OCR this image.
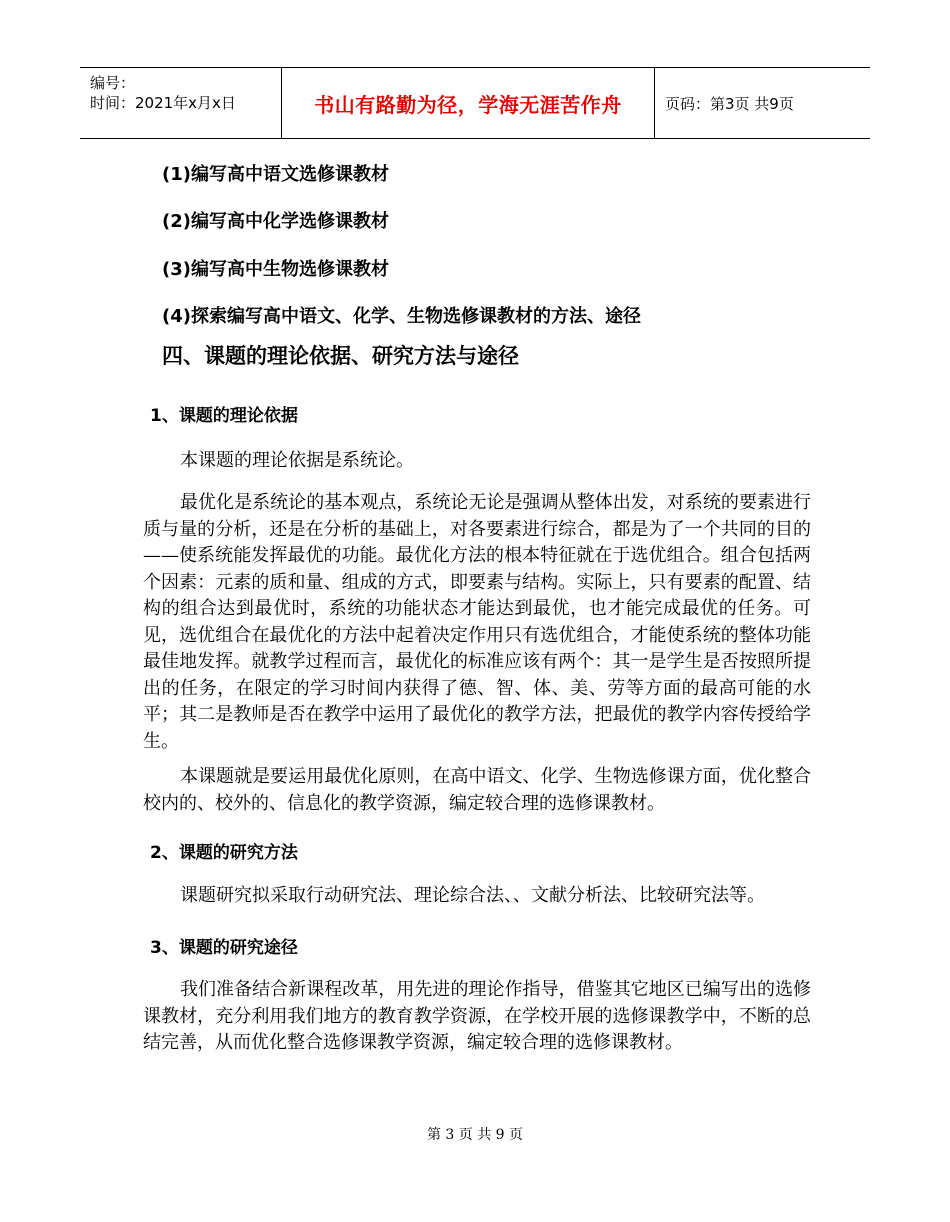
编号：
时间：2021年x月x日	书山有路勤为径，学海无涯苦作舟	页码：第3页 共9页
(1)编写高中语文选修课教材
(2)编写高中化学选修课教材
(3)编写高中生物选修课教材
(4)探索编写高中语文、化学、生物选修课教材的方法、途径
四、课题的理论依据、研究方法与途径
1、课题的理论依据

本课题的理论依据是系统论。

最优化是系统论的基本观点，系统论无论是强调从整体出发，对系统的要素进行质与量的分析，还是在分析的基础上，对各要素进行综合，都是为了一个共同的目的——使系统能发挥最优的功能。最优化方法的根本特征就在于选优组合。组合包括两个因素：元素的质和量、组成的方式，即要素与结构。实际上，只有要素的配置、结构的组合达到最优时，系统的功能状态才能达到最优，也才能完成最优的任务。可见，选优组合在最优化的方法中起着决定作用只有选优组合，才能使系统的整体功能最佳地发挥。就教学过程而言，最优化的标准应该有两个：其一是学生是否按照所提出的任务，在限定的学习时间内获得了德、智、体、美、劳等方面的最高可能的水平；其二是教师是否在教学中运用了最优化的教学方法，把最优的教学内容传授给学生。

本课题就是要运用最优化原则，在高中语文、化学、生物选修课方面，优化整合校内的、校外的、信息化的教学资源，编定较合理的选修课教材。

2、课题的研究方法

课题研究拟采取行动研究法、理论综合法、、文献分析法、比较研究法等。

3、课题的研究途径

我们准备结合新课程改革，用先进的理论作指导，借鉴其它地区已编写出的选修课教材，充分利用我们地方的教育教学资源，在学校开展的选修课教学中，不断的总结完善，从而优化整合选修课教学资源，编定较合理的选修课教材。

第 3 页 共 9 页
